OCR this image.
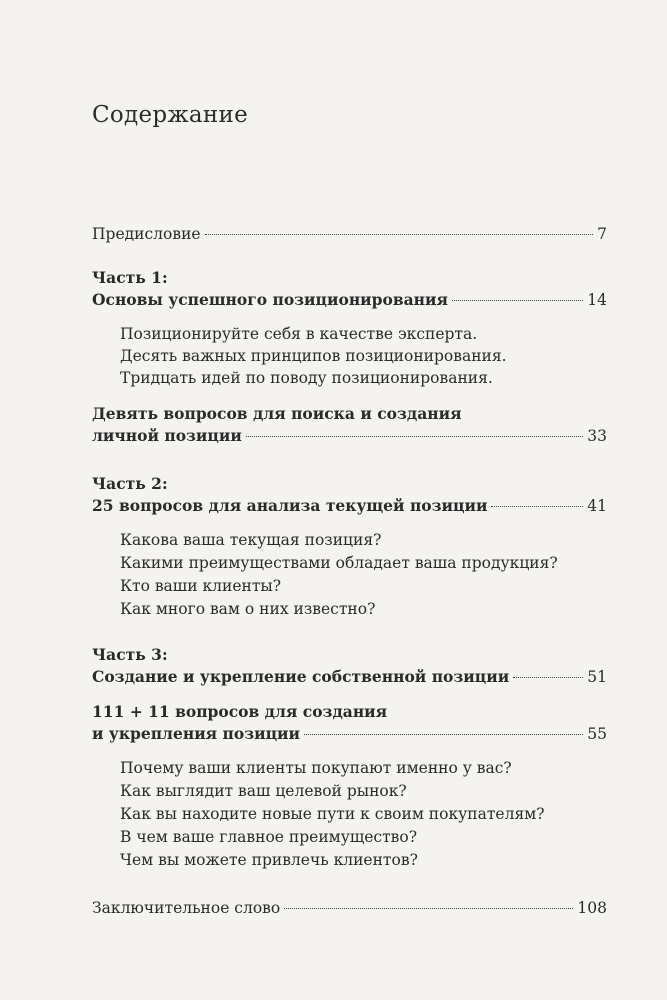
Содержание
Предисловие	7
Часть 1:
Основы успешного позиционирования	14
Позиционируйте себя в качестве эксперта.
Десять важных принципов позиционирования.
Тридцать идей по поводу позиционирования.
Девять вопросов для поиска и создания
личной позиции	33
Часть 2:
25 вопросов для анализа текущей позиции	41
Какова ваша текущая позиция?
Какими преимуществами обладает ваша продукция?
Кто ваши клиенты?
Как много вам о них известно?
Часть 3:
Создание и укрепление собственной позиции	51
111 + 11 вопросов для создания
и укрепления позиции	55
Почему ваши клиенты покупают именно у вас?
Как выглядит ваш целевой рынок?
Как вы находите новые пути к своим покупателям?
В чем ваше главное преимущество?
Чем вы можете привлечь клиентов?
Заключительное слово	108
